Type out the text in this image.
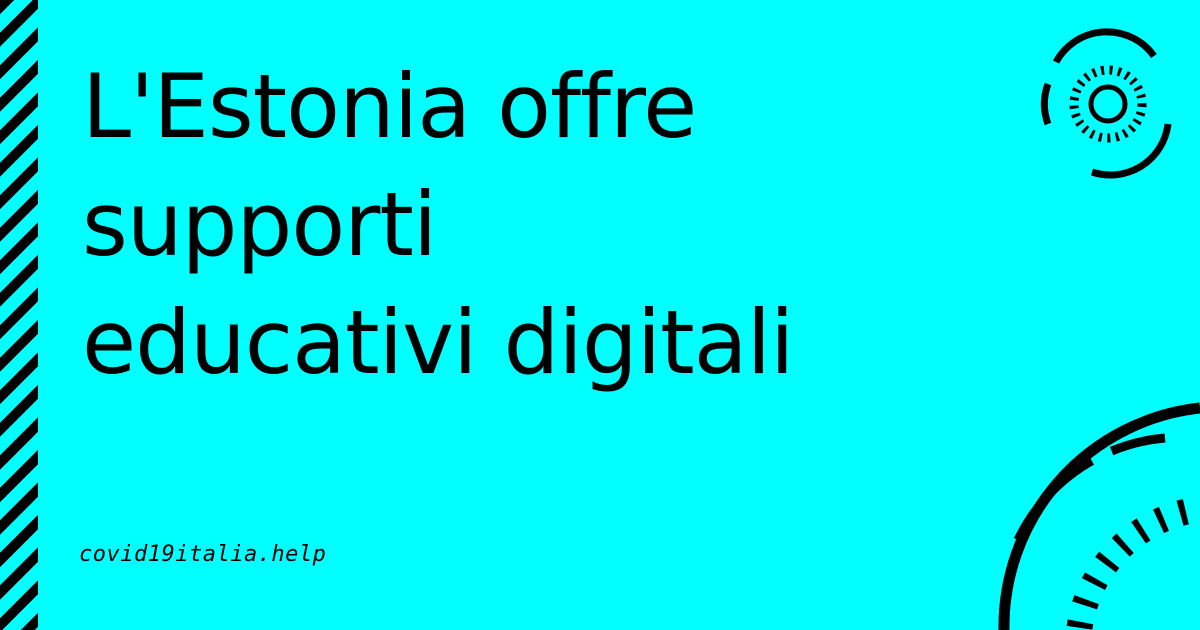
L'Estonia offre
supporti
educativi digitali
covid19italia.help
